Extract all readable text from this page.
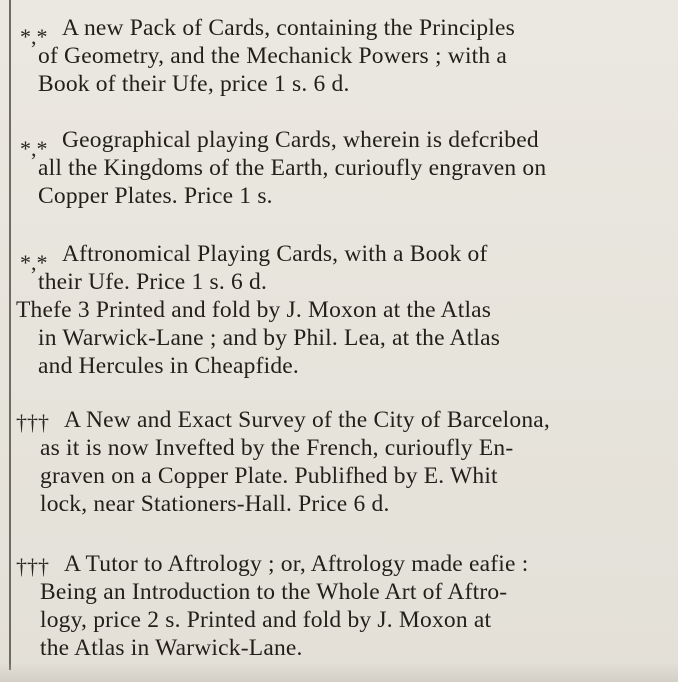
*,* A new Pack of Cards, containing the Principles
of Geometry, and the Mechanick Powers ; with a
Book of their Ufe, price 1 s. 6 d.
*,* Geographical playing Cards, wherein is defcribed
all the Kingdoms of the Earth, curioufly engraven on
Copper Plates. Price 1 s.
*,* Aftronomical Playing Cards, with a Book of
their Ufe. Price 1 s. 6 d.
Thefe 3 Printed and fold by J. Moxon at the Atlas
in Warwick-Lane ; and by Phil. Lea, at the Atlas
and Hercules in Cheapfide.
††† A New and Exact Survey of the City of Barcelona,
as it is now Invefted by the French, curioufly En-
graven on a Copper Plate. Publifhed by E. Whit
lock, near Stationers-Hall. Price 6 d.
††† A Tutor to Aftrology ; or, Aftrology made eafie :
Being an Introduction to the Whole Art of Aftro-
logy, price 2 s. Printed and fold by J. Moxon at
the Atlas in Warwick-Lane.
